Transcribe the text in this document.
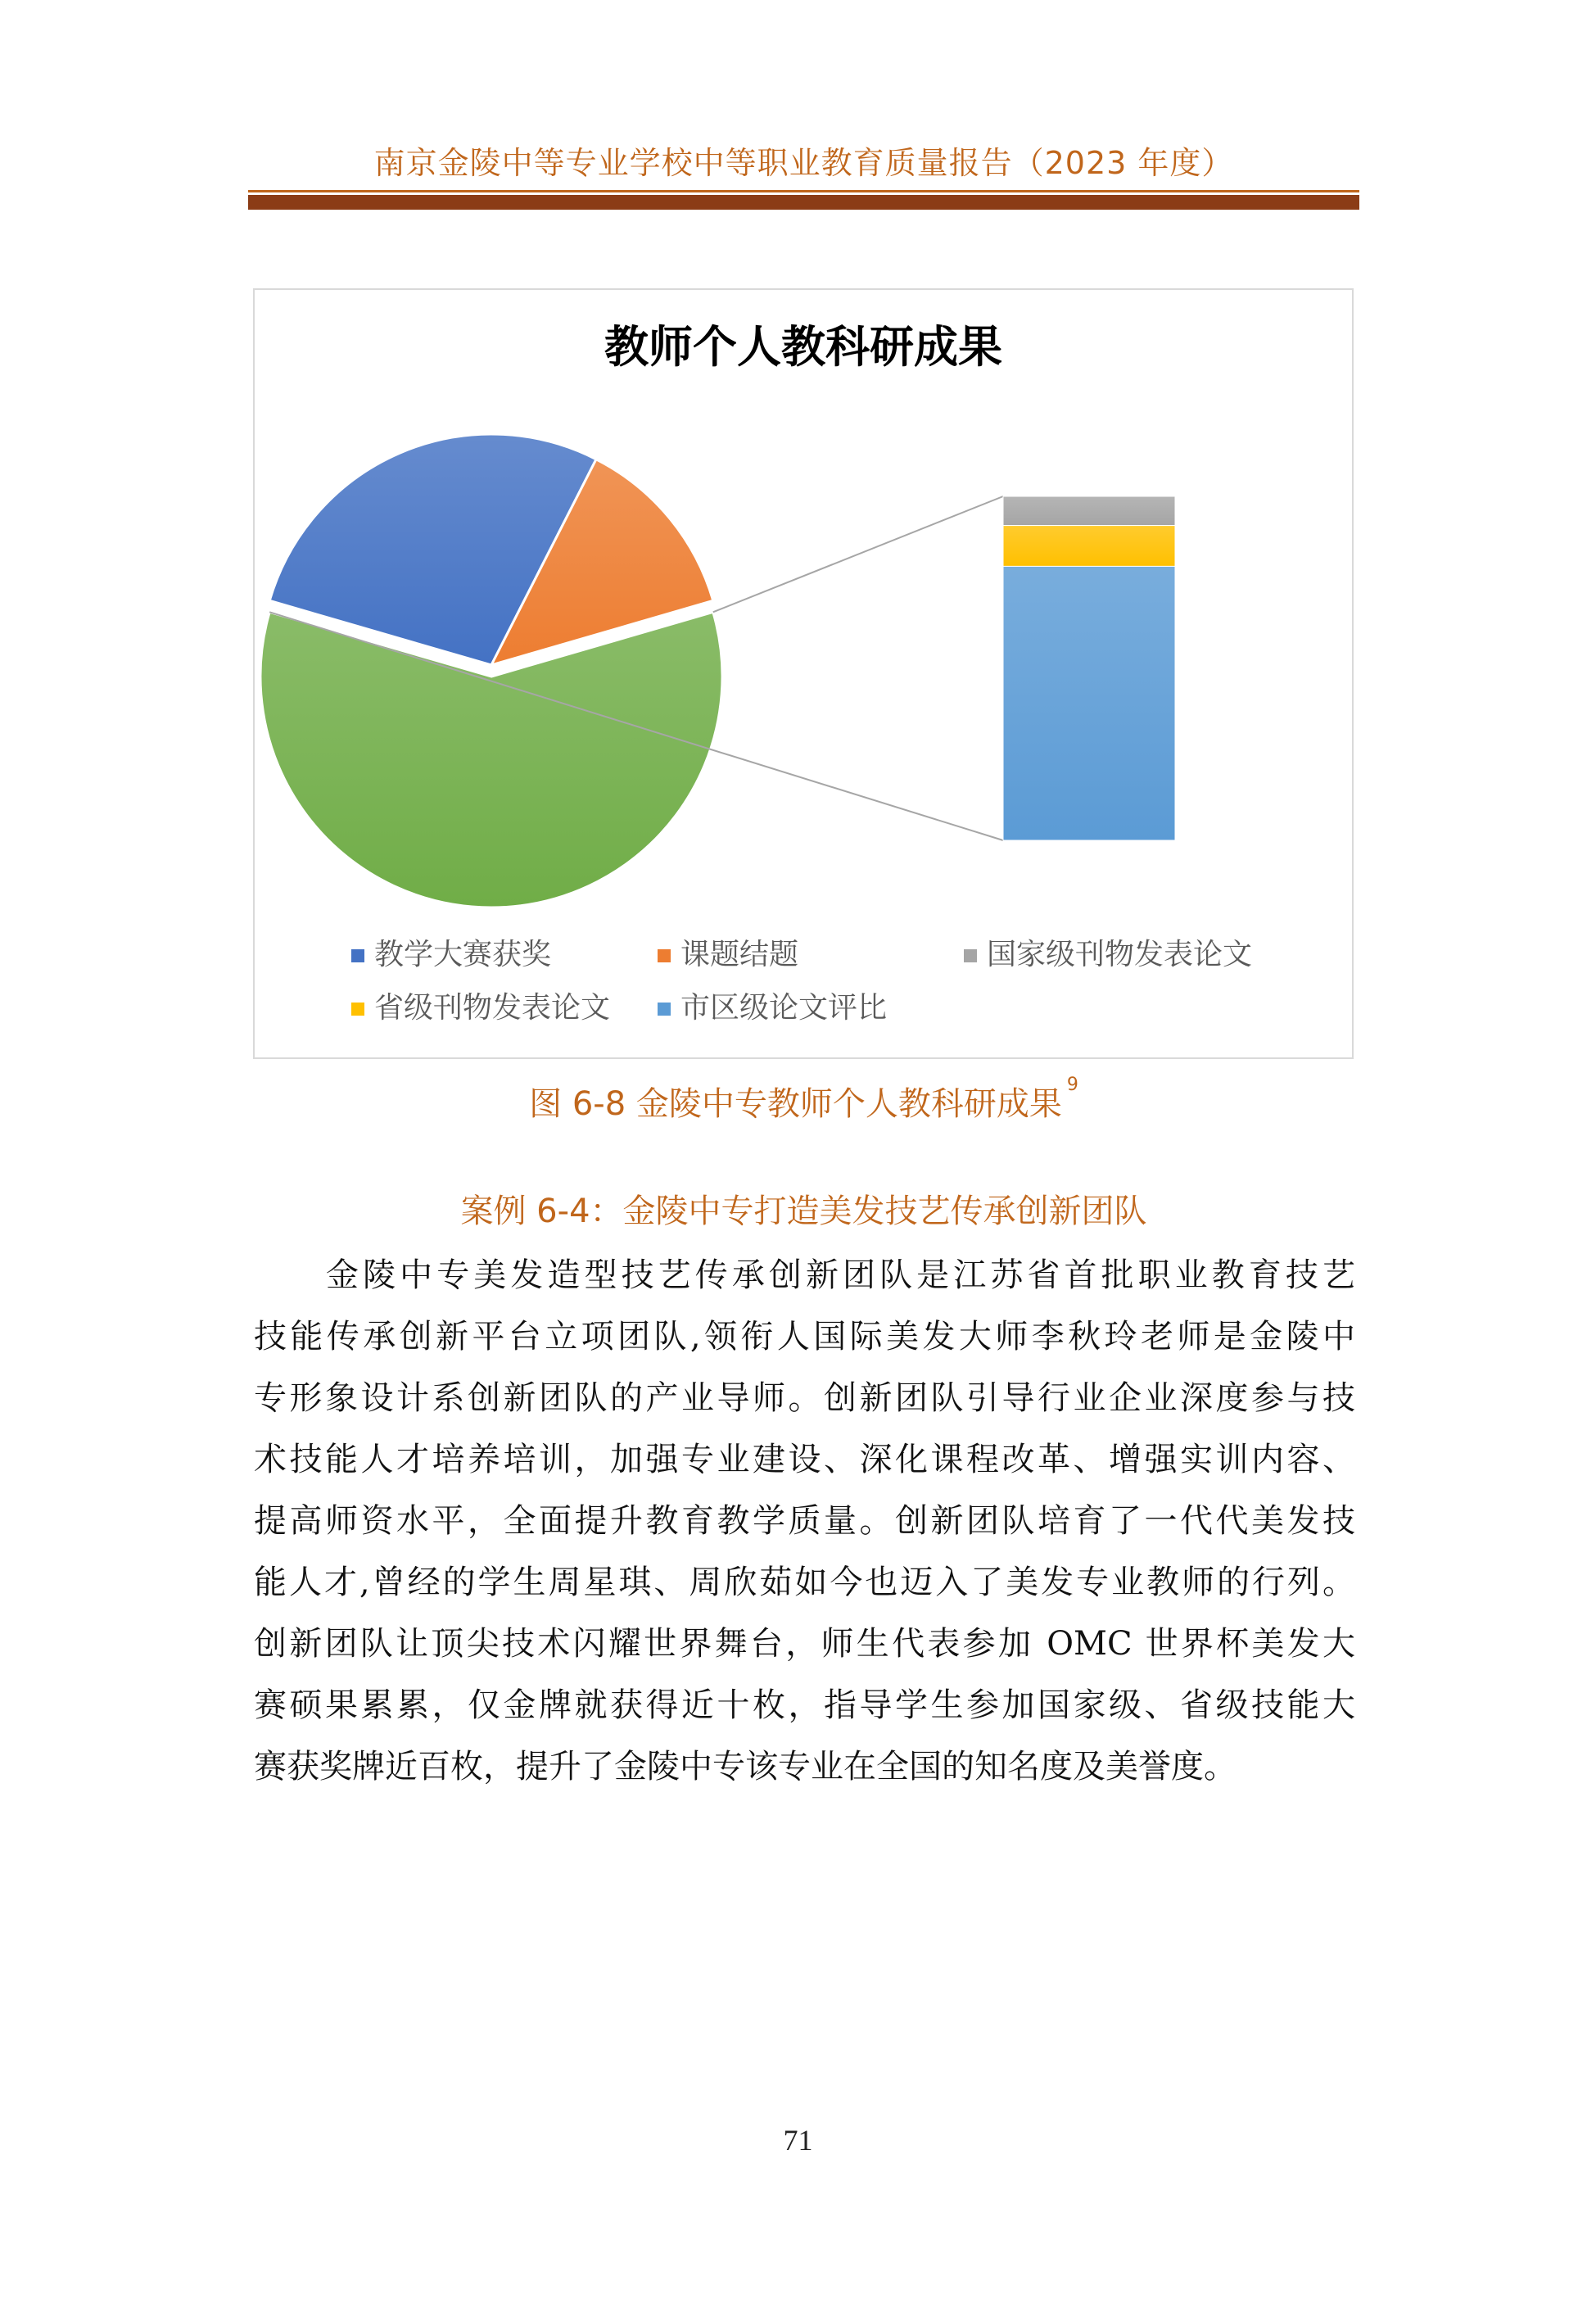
南京金陵中等专业学校中等职业教育质量报告（2023 年度）
教师个人教科研成果
教学大赛获奖	课题结题	国家级刊物发表论文
省级刊物发表论文 市区级论文评比
图 6-8 金陵中专教师个人教科研成果$^9$
案例 6-4：金陵中专打造美发技艺传承创新团队
金陵中专美发造型技艺传承创新团队是江苏省首批职业教育技艺
技能传承创新平台立项团队,领衔人国际美发大师李秋玲老师是金陵中
专形象设计系创新团队的产业导师。创新团队引导行业企业深度参与技
术技能人才培养培训，加强专业建设、深化课程改革、增强实训内容、
提高师资水平，全面提升教育教学质量。创新团队培育了一代代美发技
能人才,曾经的学生周星琪、周欣茹如今也迈入了美发专业教师的行列。
创新团队让顶尖技术闪耀世界舞台，师生代表参加 OMC 世界杯美发大
赛硕果累累，仅金牌就获得近十枚，指导学生参加国家级、省级技能大
赛获奖牌近百枚，提升了金陵中专该专业在全国的知名度及美誉度。
71
